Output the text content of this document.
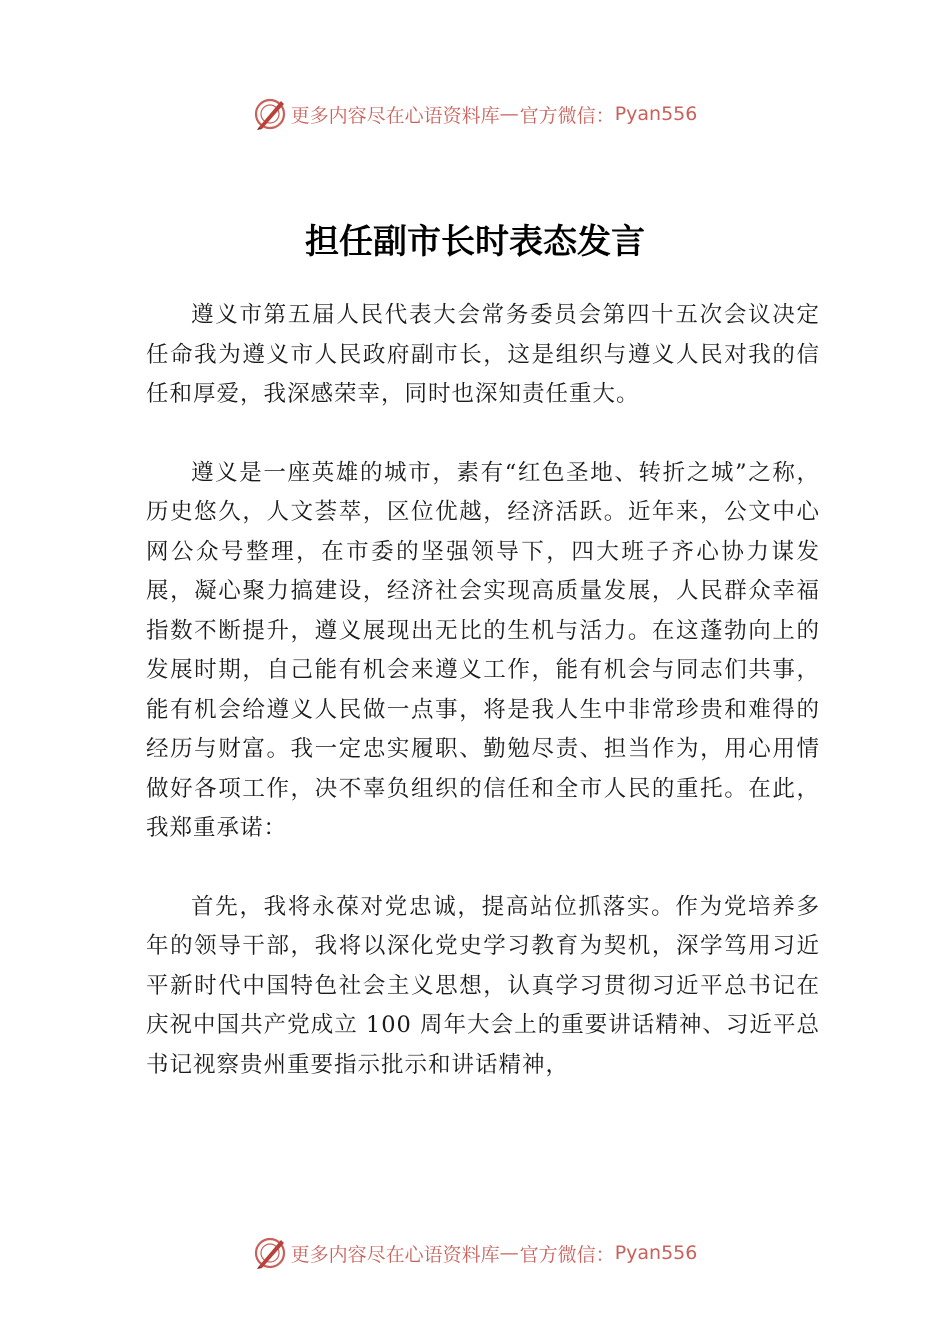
更多内容尽在心语资料库 — 官方微信： Pyan556
担任副市长时表态发言

遵义市第五届人民代表大会常务委员会第四十五次会议决定任命我为遵义市人民政府副市长，这是组织与遵义人民对我的信任和厚爱，我深感荣幸，同时也深知责任重大。

遵义是一座英雄的城市，素有“红色圣地、转折之城”之称，历史悠久，人文荟萃，区位优越，经济活跃。近年来，公文中心网公众号整理，在市委的坚强领导下，四大班子齐心协力谋发展，凝心聚力搞建设，经济社会实现高质量发展，人民群众幸福指数不断提升，遵义展现出无比的生机与活力。在这蓬勃向上的发展时期，自己能有机会来遵义工作，能有机会与同志们共事，能有机会给遵义人民做一点事，将是我人生中非常珍贵和难得的经历与财富。我一定忠实履职、勤勉尽责、担当作为，用心用情做好各项工作，决不辜负组织的信任和全市人民的重托。在此，我郑重承诺：

首先，我将永葆对党忠诚，提高站位抓落实。作为党培养多年的领导干部，我将以深化党史学习教育为契机，深学笃用习近平新时代中国特色社会主义思想，认真学习贯彻习近平总书记在庆祝中国共产党成立 100 周年大会上的重要讲话精神、习近平总书记视察贵州重要指示批示和讲话精神，

更多内容尽在心语资料库 — 官方微信： Pyan556
